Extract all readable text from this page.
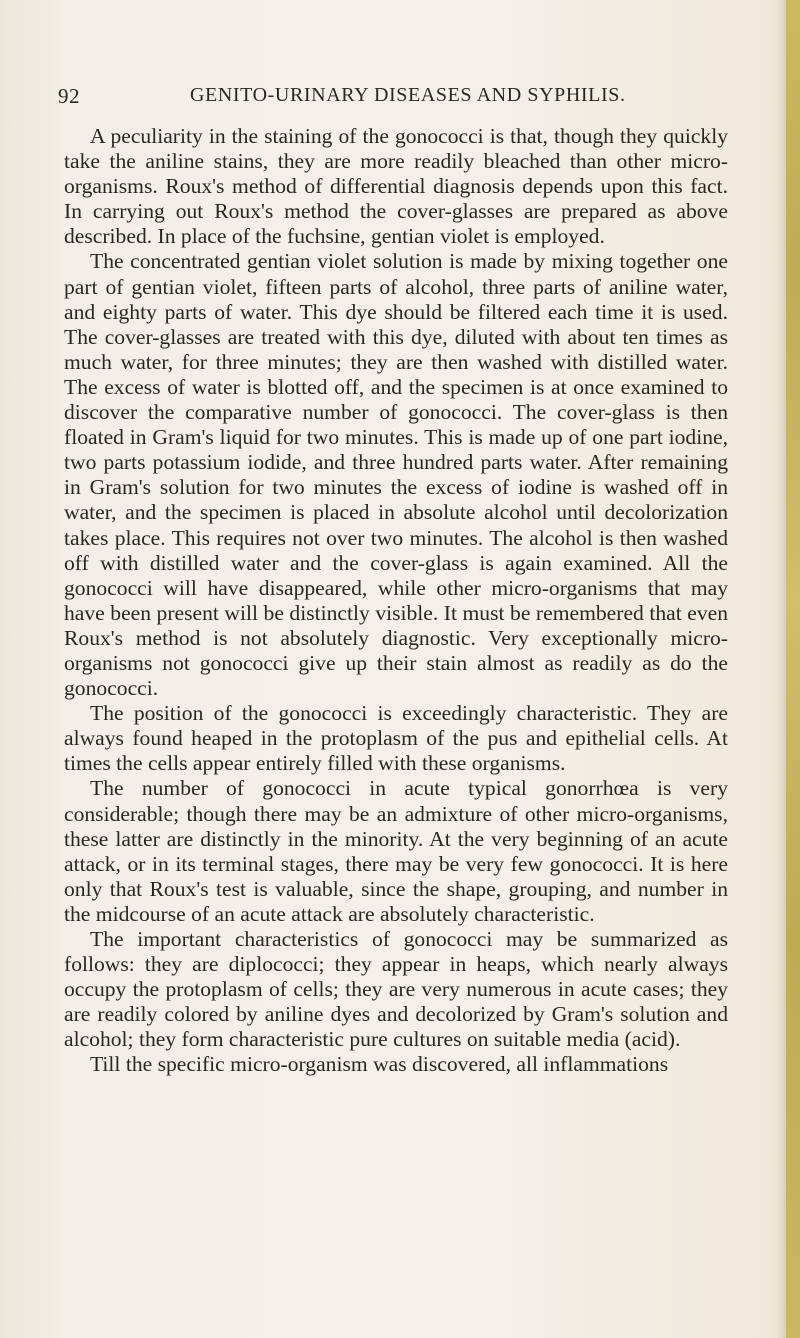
92	GENITO-URINARY DISEASES AND SYPHILIS.

A peculiarity in the staining of the gonococci is that, though they quickly take the aniline stains, they are more readily bleached than other micro-organisms. Roux's method of differential diagnosis depends upon this fact. In carrying out Roux's method the cover-glasses are prepared as above described. In place of the fuchsine, gentian violet is employed.

The concentrated gentian violet solution is made by mixing together one part of gentian violet, fifteen parts of alcohol, three parts of aniline water, and eighty parts of water. This dye should be filtered each time it is used. The cover-glasses are treated with this dye, diluted with about ten times as much water, for three minutes; they are then washed with distilled water. The excess of water is blotted off, and the specimen is at once examined to discover the comparative number of gonococci. The cover-glass is then floated in Gram's liquid for two minutes. This is made up of one part iodine, two parts potassium iodide, and three hundred parts water. After remaining in Gram's solution for two minutes the excess of iodine is washed off in water, and the specimen is placed in absolute alcohol until decolorization takes place. This requires not over two minutes. The alcohol is then washed off with distilled water and the cover-glass is again examined. All the gonococci will have disappeared, while other micro-organisms that may have been present will be distinctly visible. It must be remembered that even Roux's method is not absolutely diagnostic. Very exceptionally micro-organisms not gonococci give up their stain almost as readily as do the gonococci.

The position of the gonococci is exceedingly characteristic. They are always found heaped in the protoplasm of the pus and epithelial cells. At times the cells appear entirely filled with these organisms.

The number of gonococci in acute typical gonorrhœa is very considerable; though there may be an admixture of other micro-organisms, these latter are distinctly in the minority. At the very beginning of an acute attack, or in its terminal stages, there may be very few gonococci. It is here only that Roux's test is valuable, since the shape, grouping, and number in the midcourse of an acute attack are absolutely characteristic.

The important characteristics of gonococci may be summarized as follows: they are diplococci; they appear in heaps, which nearly always occupy the protoplasm of cells; they are very numerous in acute cases; they are readily colored by aniline dyes and decolorized by Gram's solution and alcohol; they form characteristic pure cultures on suitable media (acid).

Till the specific micro-organism was discovered, all inflammations
